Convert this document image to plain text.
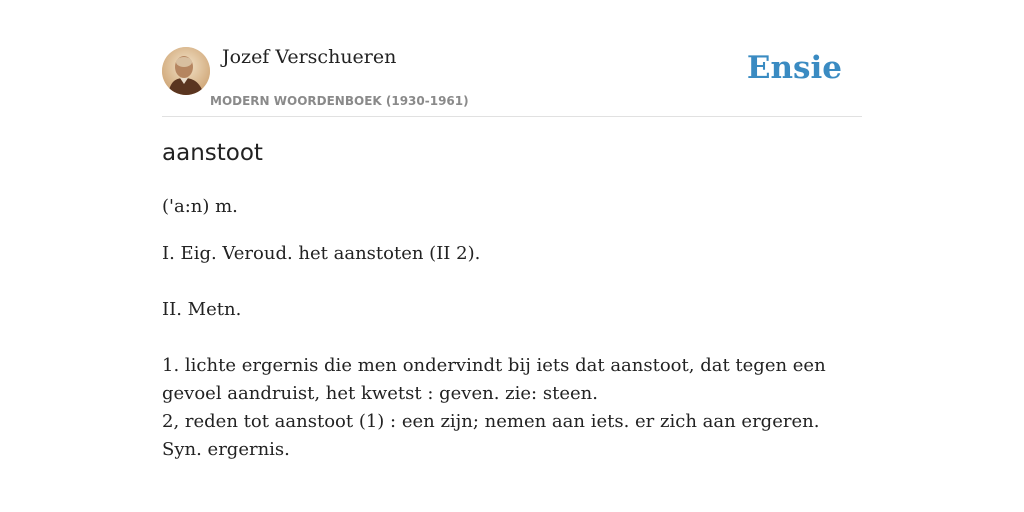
Jozef Verschueren
MODERN WOORDENBOEK (1930-1961)
Ensie
aanstoot

('a:n) m.

I. Eig. Veroud. het aanstoten (II 2).

II. Metn.

1. lichte ergernis die men ondervindt bij iets dat aanstoot, dat tegen een gevoel aandruist, het kwetst : geven. zie: steen.

2, reden tot aanstoot (1) : een zijn; nemen aan iets. er zich aan ergeren. Syn. ergernis.
